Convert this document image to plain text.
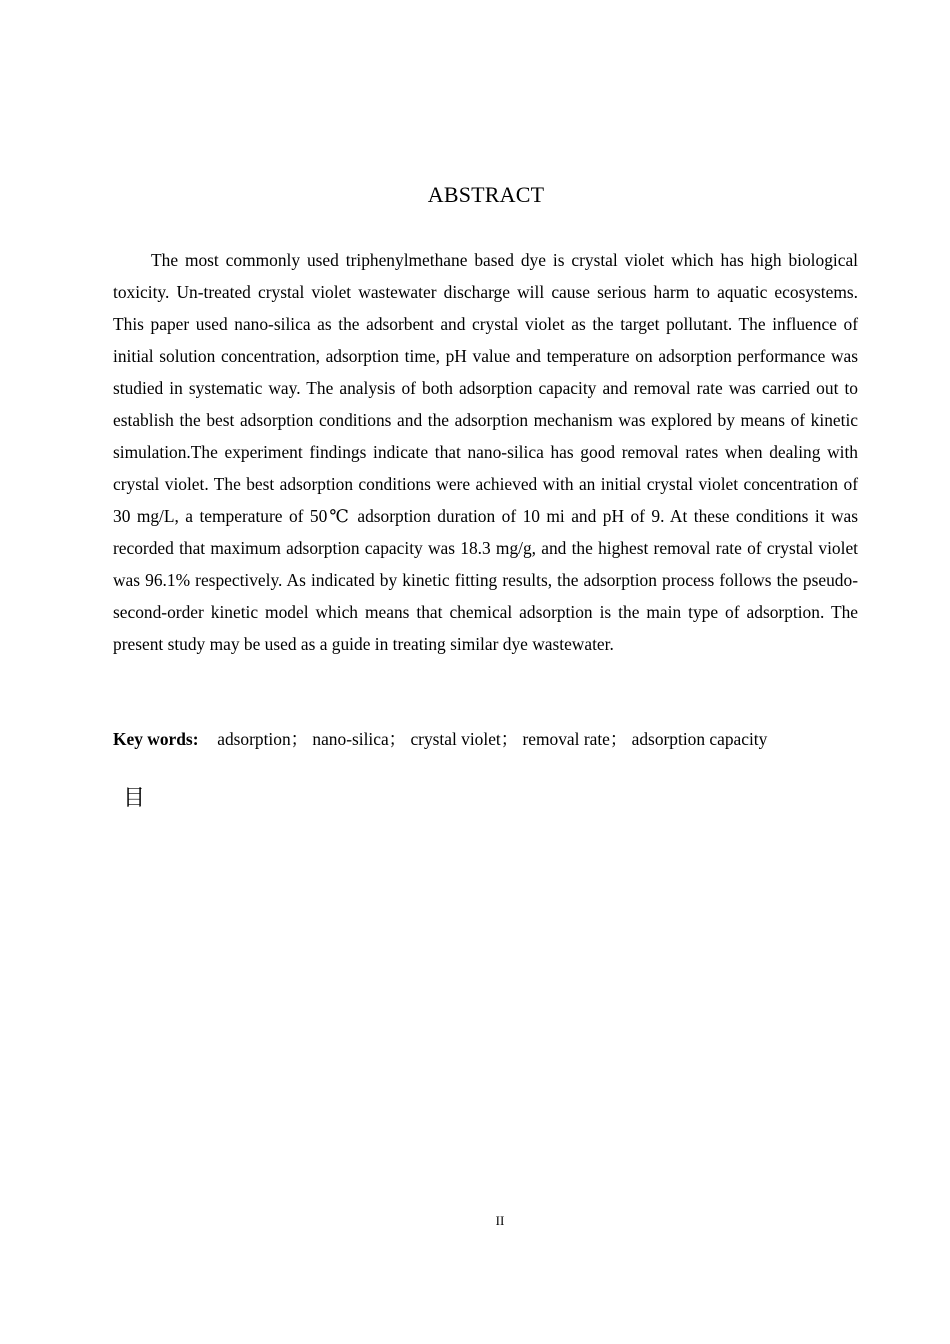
ABSTRACT

The most commonly used triphenylmethane based dye is crystal violet which has high biological toxicity. Un-treated crystal violet wastewater discharge will cause serious harm to aquatic ecosystems. This paper used nano-silica as the adsorbent and crystal violet as the target pollutant. The influence of initial solution concentration, adsorption time, pH value and temperature on adsorption performance was studied in systematic way. The analysis of both adsorption capacity and removal rate was carried out to establish the best adsorption conditions and the adsorption mechanism was explored by means of kinetic simulation.The experiment findings indicate that nano-silica has good removal rates when dealing with crystal violet. The best adsorption conditions were achieved with an initial crystal violet concentration of 30 mg/L, a temperature of 50℃ adsorption duration of 10 mi and pH of 9. At these conditions it was recorded that maximum adsorption capacity was 18.3 mg/g, and the highest removal rate of crystal violet was 96.1% respectively. As indicated by kinetic fitting results, the adsorption process follows the pseudo-second-order kinetic model which means that chemical adsorption is the main type of adsorption. The present study may be used as a guide in treating similar dye wastewater.

Key words: adsorption； nano-silica； crystal violet； removal rate； adsorption capacity
目
II
